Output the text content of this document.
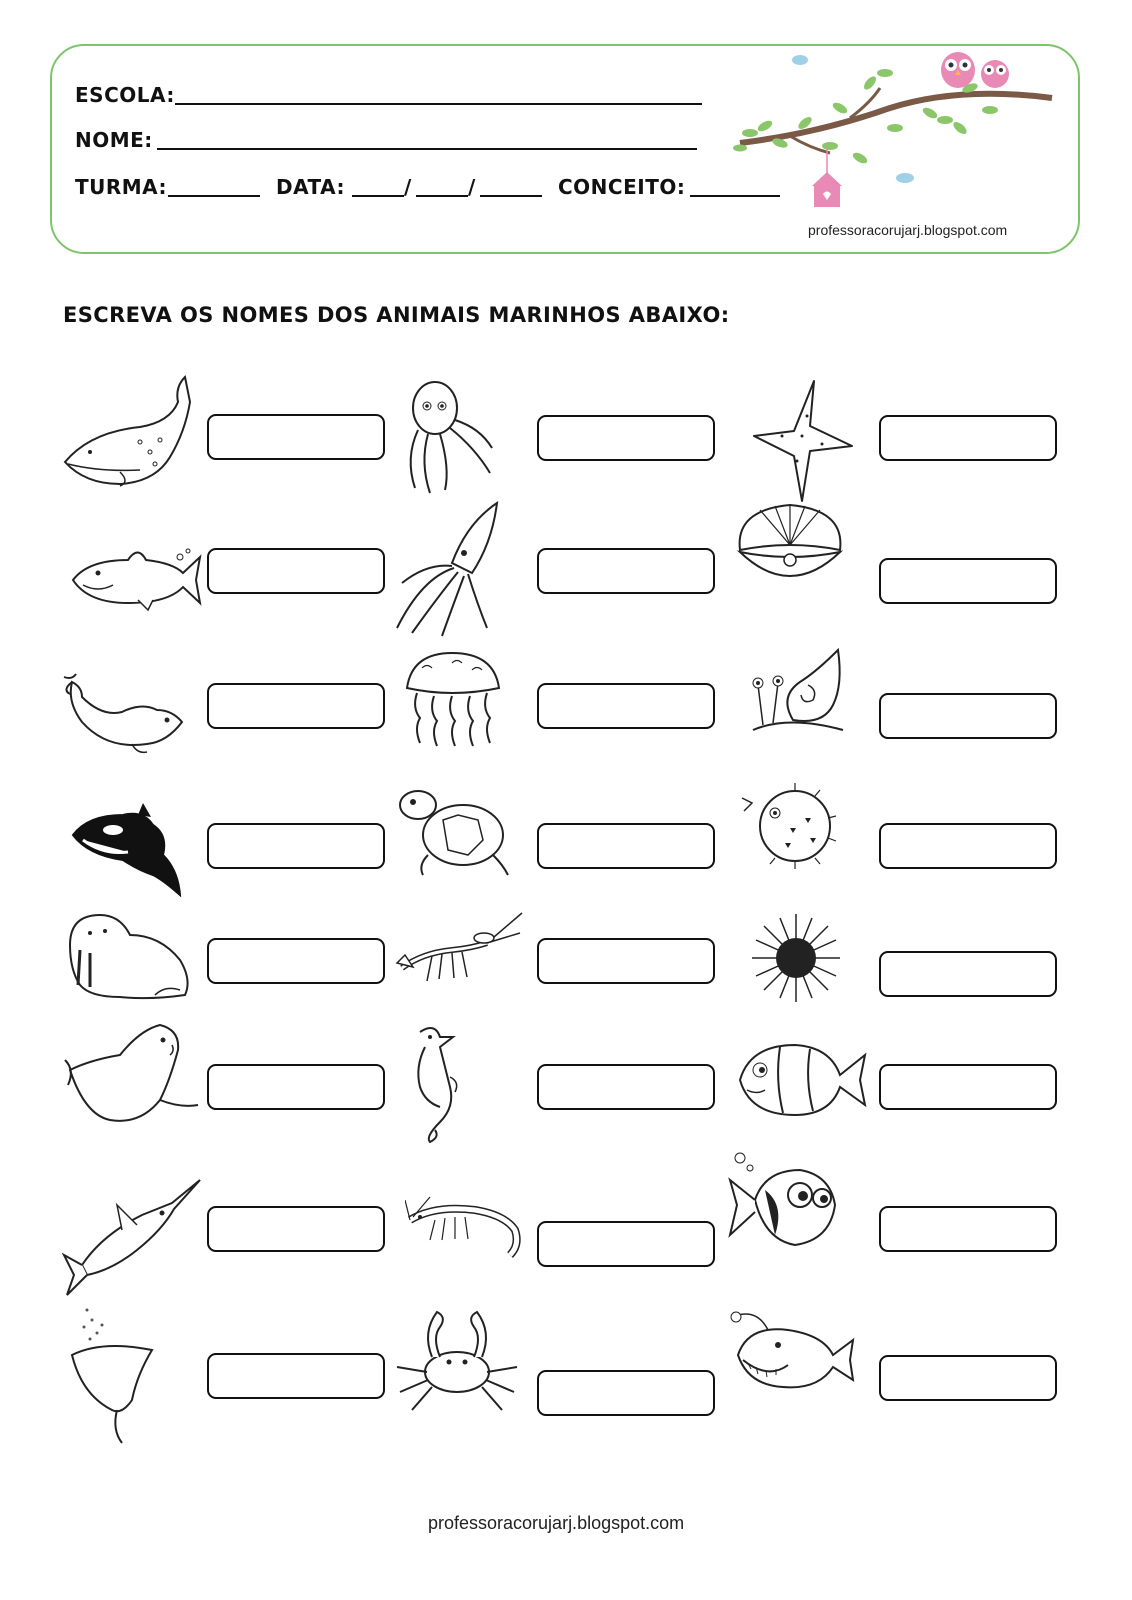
ESCOLA:
NOME:
TURMA:	DATA:	/	/	CONCEITO:
professoracorujarj.blogspot.com
ESCREVA OS NOMES DOS ANIMAIS MARINHOS ABAIXO:
professoracorujarj.blogspot.com
